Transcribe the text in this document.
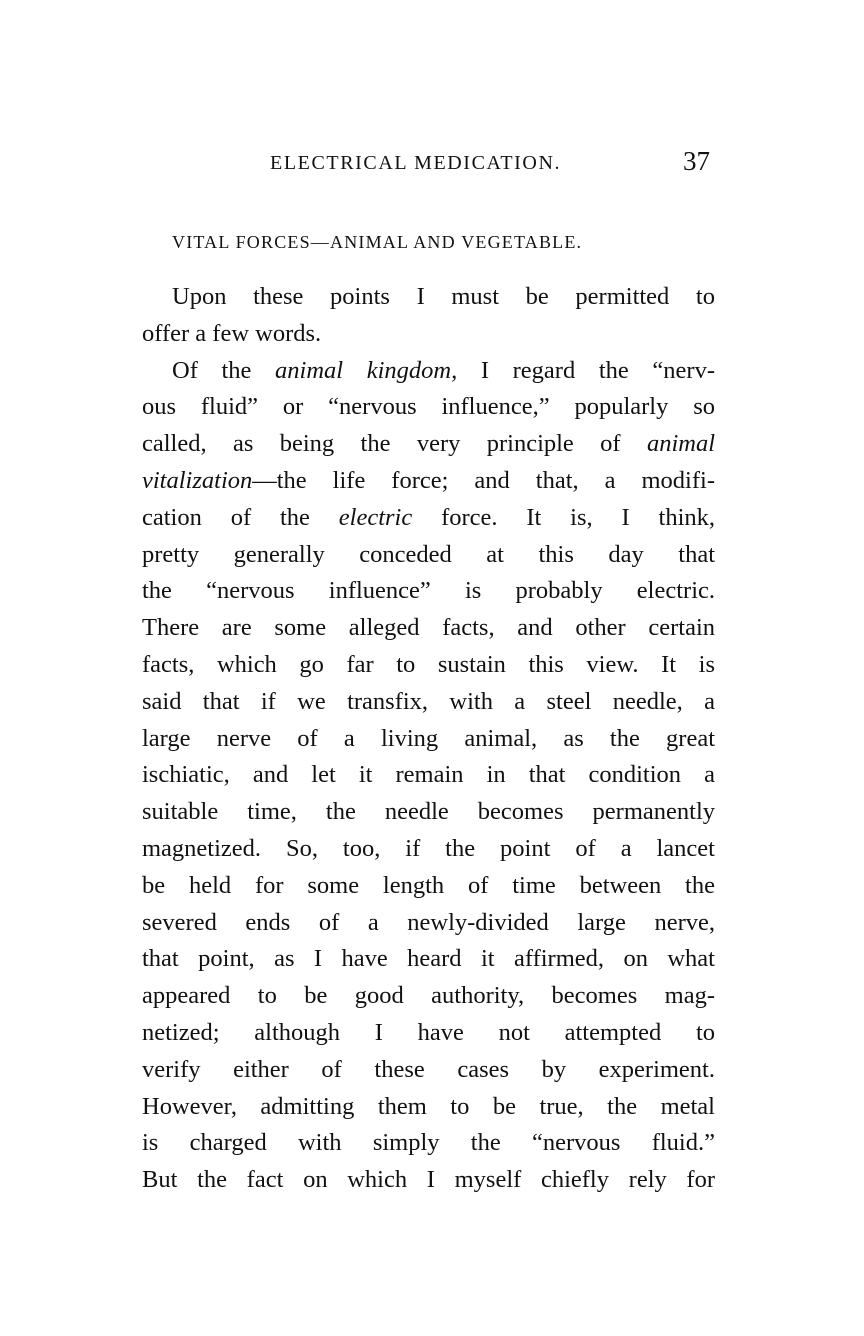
ELECTRICAL MEDICATION.	37
VITAL FORCES—ANIMAL AND VEGETABLE.
Upon these points I must be permitted to
offer a few words.
Of the animal kingdom, I regard the “nerv-
ous fluid” or “nervous influence,” popularly so
called, as being the very principle of animal
vitalization—the life force; and that, a modifi-
cation of the electric force. It is, I think,
pretty generally conceded at this day that
the “nervous influence” is probably electric.
There are some alleged facts, and other certain
facts, which go far to sustain this view. It is
said that if we transfix, with a steel needle, a
large nerve of a living animal, as the great
ischiatic, and let it remain in that condition a
suitable time, the needle becomes permanently
magnetized. So, too, if the point of a lancet
be held for some length of time between the
severed ends of a newly-divided large nerve,
that point, as I have heard it affirmed, on what
appeared to be good authority, becomes mag-
netized; although I have not attempted to
verify either of these cases by experiment.
However, admitting them to be true, the metal
is charged with simply the “nervous fluid.”
But the fact on which I myself chiefly rely for
